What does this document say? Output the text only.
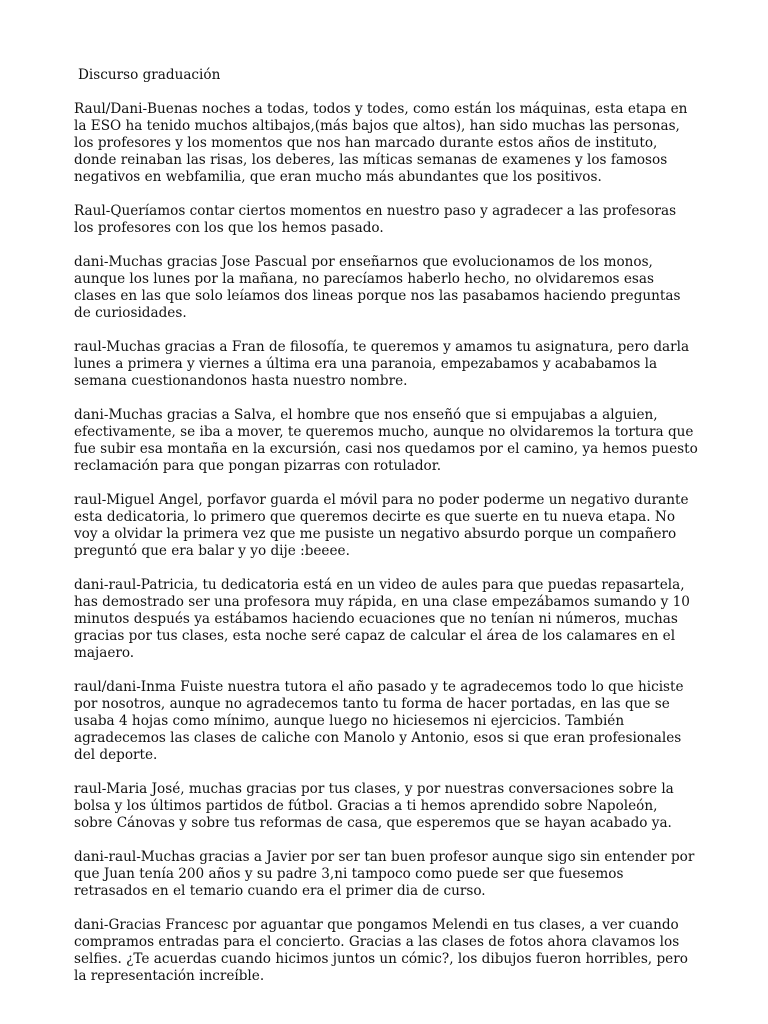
Discurso graduación

Raul/Dani-Buenas noches a todas, todos y todes, como están los máquinas, esta etapa en la ESO ha tenido muchos altibajos,(más bajos que altos), han sido muchas las personas, los profesores y los momentos que nos han marcado durante estos años de instituto, donde reinaban las risas, los deberes, las míticas semanas de examenes y los famosos negativos en webfamilia, que eran mucho más abundantes que los positivos.

Raul-Queríamos contar ciertos momentos en nuestro paso y agradecer a las profesoras los profesores con los que los hemos pasado.

dani-Muchas gracias Jose Pascual por enseñarnos que evolucionamos de los monos, aunque los lunes por la mañana, no parecíamos haberlo hecho, no olvidaremos esas clases en las que solo leíamos dos lineas porque nos las pasabamos haciendo preguntas de curiosidades.

raul-Muchas gracias a Fran de filosofía, te queremos y amamos tu asignatura, pero darla lunes a primera y viernes a última era una paranoia, empezabamos y acababamos la semana cuestionandonos hasta nuestro nombre.

dani-Muchas gracias a Salva, el hombre que nos enseñó que si empujabas a alguien, efectivamente, se iba a mover, te queremos mucho, aunque no olvidaremos la tortura que fue subir esa montaña en la excursión, casi nos quedamos por el camino, ya hemos puesto reclamación para que pongan pizarras con rotulador.

raul-Miguel Angel, porfavor guarda el móvil para no poder poderme un negativo durante esta dedicatoria, lo primero que queremos decirte es que suerte en tu nueva etapa. No voy a olvidar la primera vez que me pusiste un negativo absurdo porque un compañero preguntó que era balar y yo dije :beeee.

dani-raul-Patricia, tu dedicatoria está en un video de aules para que puedas repasartela, has demostrado ser una profesora muy rápida, en una clase empezábamos sumando y 10 minutos después ya estábamos haciendo ecuaciones que no tenían ni números, muchas gracias por tus clases, esta noche seré capaz de calcular el área de los calamares en el majaero.

raul/dani-Inma Fuiste nuestra tutora el año pasado y te agradecemos todo lo que hiciste por nosotros, aunque no agradecemos tanto tu forma de hacer portadas, en las que se usaba 4 hojas como mínimo, aunque luego no hiciesemos ni ejercicios. También agradecemos las clases de caliche con Manolo y Antonio, esos si que eran profesionales del deporte.

raul-Maria José, muchas gracias por tus clases, y por nuestras conversaciones sobre la bolsa y los últimos partidos de fútbol. Gracias a ti hemos aprendido sobre Napoleón, sobre Cánovas y sobre tus reformas de casa, que esperemos que se hayan acabado ya.

dani-raul-Muchas gracias a Javier por ser tan buen profesor aunque sigo sin entender por que Juan tenía 200 años y su padre 3,ni tampoco como puede ser que fuesemos retrasados en el temario cuando era el primer dia de curso.

dani-Gracias Francesc por aguantar que pongamos Melendi en tus clases, a ver cuando compramos entradas para el concierto. Gracias a las clases de fotos ahora clavamos los selfies. ¿Te acuerdas cuando hicimos juntos un cómic?, los dibujos fueron horribles, pero la representación increíble.
